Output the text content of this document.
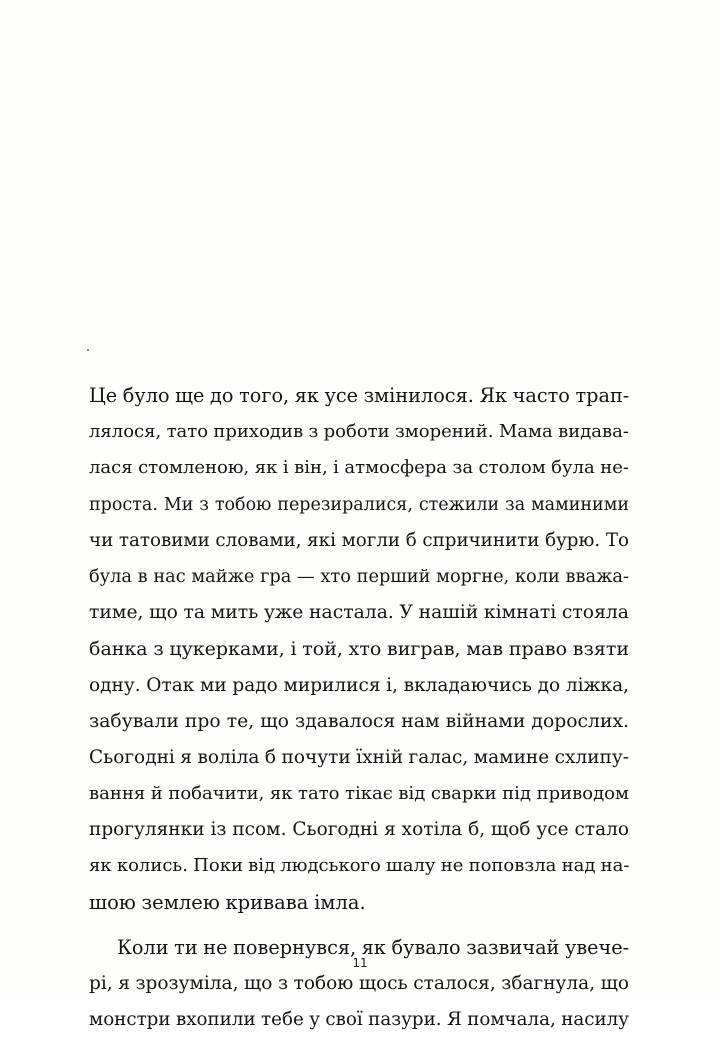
Це було ще до того, як усе змінилося. Як часто трап-
лялося, тато приходив з роботи зморений. Мама видава-
лася стомленою, як і він, і атмосфера за столом була не-
проста. Ми з тобою перезиралися, стежили за маминими
чи татовими словами, які могли б спричинити бурю. То
була в нас майже гра — хто перший моргне, коли вважа-
тиме, що та мить уже настала. У нашій кімнаті стояла
банка з цукерками, і той, хто виграв, мав право взяти
одну. Отак ми радо мирилися і, вкладаючись до ліжка,
забували про те, що здавалося нам війнами дорослих.
Сьогодні я воліла б почути їхній галас, мамине схлипу-
вання й побачити, як тато тікає від сварки під приводом
прогулянки із псом. Сьогодні я хотіла б, щоб усе стало
як колись. Поки від людського шалу не поповзла над на-
шою землею кривава імла.
Коли ти не повернувся, як бувало зазвичай увече-
рі, я зрозуміла, що з тобою щось сталося, збагнула, що
монстри вхопили тебе у свої пазури. Я помчала, насилу
11
